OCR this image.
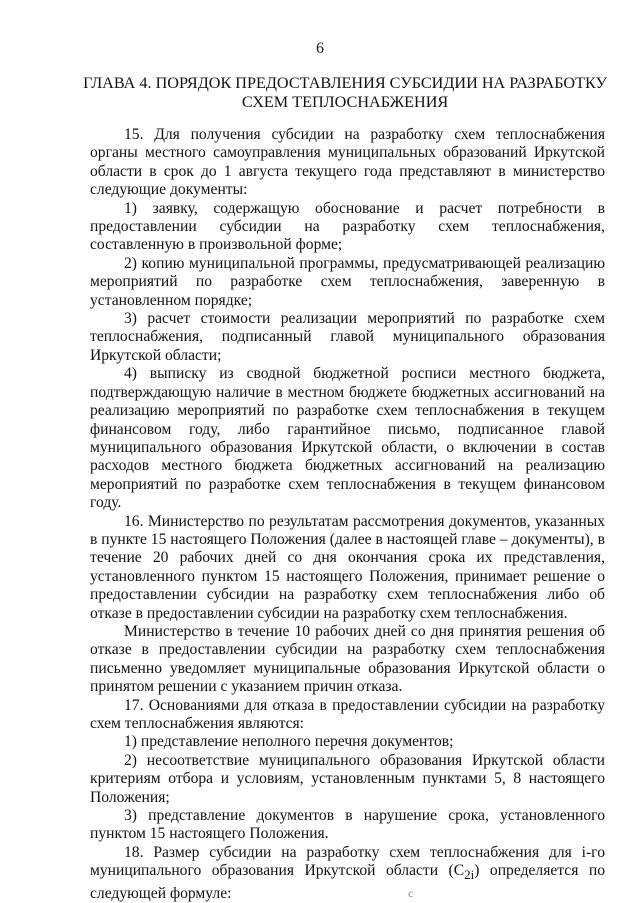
6
ГЛАВА 4. ПОРЯДОК ПРЕДОСТАВЛЕНИЯ СУБСИДИИ НА РАЗРАБОТКУ
СХЕМ ТЕПЛОСНАБЖЕНИЯ

15. Для получения субсидии на разработку схем теплоснабжения органы местного самоуправления муниципальных образований Иркутской области в срок до 1 августа текущего года представляют в министерство следующие документы:

1) заявку, содержащую обоснование и расчет потребности в предоставлении субсидии на разработку схем теплоснабжения, составленную в произвольной форме;

2) копию муниципальной программы, предусматривающей реализацию мероприятий по разработке схем теплоснабжения, заверенную в установленном порядке;

3) расчет стоимости реализации мероприятий по разработке схем теплоснабжения, подписанный главой муниципального образования Иркутской области;

4) выписку из сводной бюджетной росписи местного бюджета, подтверждающую наличие в местном бюджете бюджетных ассигнований на реализацию мероприятий по разработке схем теплоснабжения в текущем финансовом году, либо гарантийное письмо, подписанное главой муниципального образования Иркутской области, о включении в состав расходов местного бюджета бюджетных ассигнований на реализацию мероприятий по разработке схем теплоснабжения в текущем финансовом году.

16. Министерство по результатам рассмотрения документов, указанных в пункте 15 настоящего Положения (далее в настоящей главе – документы), в течение 20 рабочих дней со дня окончания срока их представления, установленного пунктом 15 настоящего Положения, принимает решение о предоставлении субсидии на разработку схем теплоснабжения либо об отказе в предоставлении субсидии на разработку схем теплоснабжения.

Министерство в течение 10 рабочих дней со дня принятия решения об отказе в предоставлении субсидии на разработку схем теплоснабжения письменно уведомляет муниципальные образования Иркутской области о принятом решении с указанием причин отказа.

17. Основаниями для отказа в предоставлении субсидии на разработку схем теплоснабжения являются:

1) представление неполного перечня документов;

2) несоответствие муниципального образования Иркутской области критериям отбора и условиям, установленным пунктами 5, 8 настоящего Положения;

3) представление документов в нарушение срока, установленного пунктом 15 настоящего Положения.

18. Размер субсидии на разработку схем теплоснабжения для i-го муниципального образования Иркутской области $(C_{2i})$ определяется по следующей формуле:	с
